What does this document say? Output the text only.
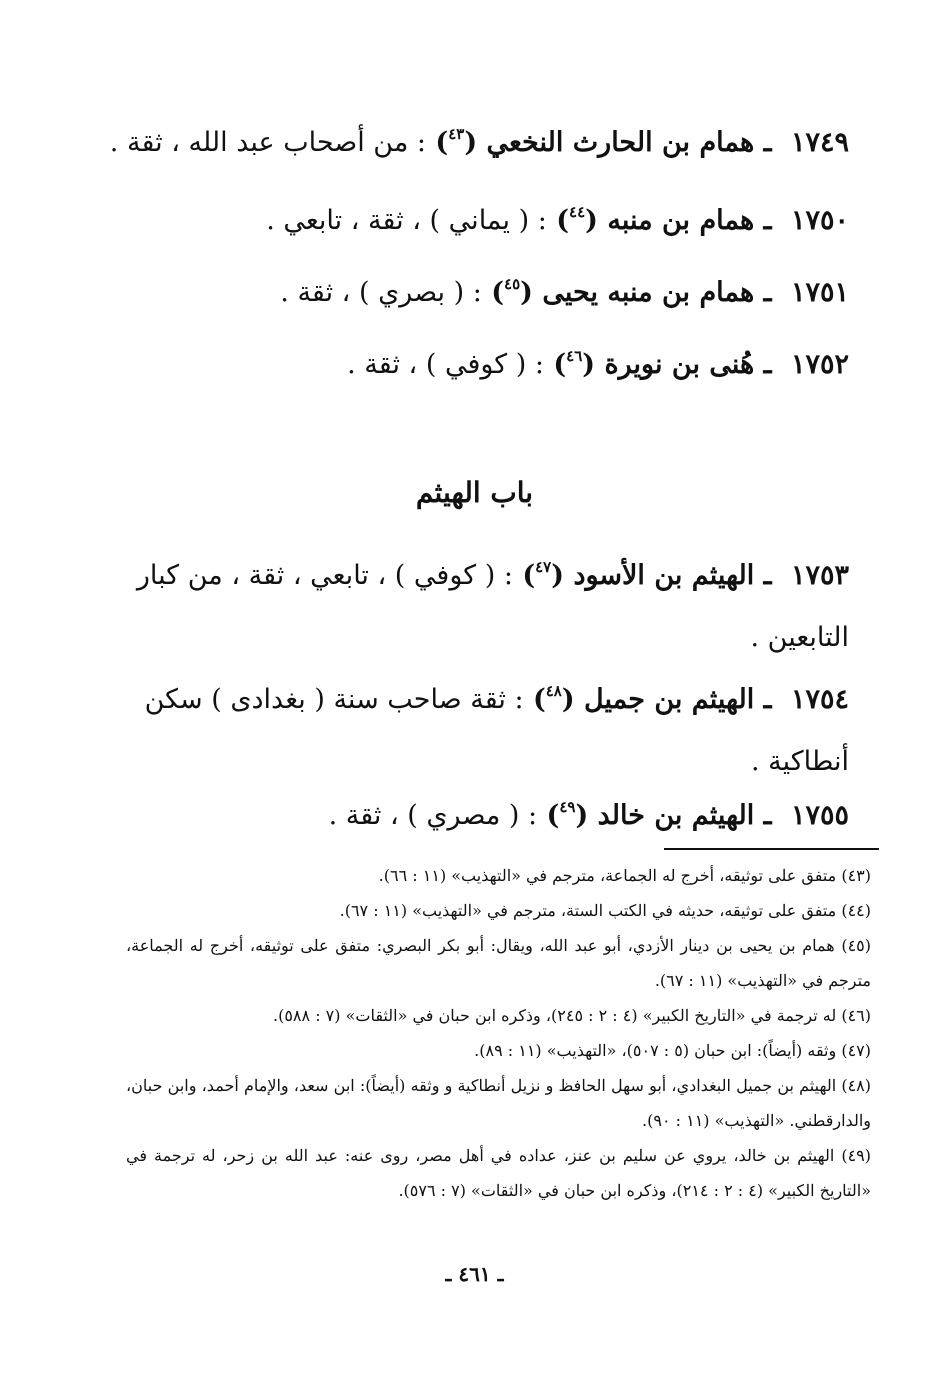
١٧٤٩ ـ همام بن الحارث النخعي ($^{٤٣}$) : من أصحاب عبد الله ، ثقة .
١٧٥٠ ـ همام بن منبه ($^{٤٤}$) : ( يماني ) ، ثقة ، تابعي .
١٧٥١ ـ همام بن منبه يحيى ($^{٤٥}$) : ( بصري ) ، ثقة .
١٧٥٢ ـ هُنى بن نويرة ($^{٤٦}$) : ( كوفي ) ، ثقة .
باب الهيثم
١٧٥٣ ـ الهيثم بن الأسود ($^{٤٧}$) : ( كوفي ) ، تابعي ، ثقة ، من كبار التابعين .
١٧٥٤ ـ الهيثم بن جميل ($^{٤٨}$) : ثقة صاحب سنة ( بغدادى ) سكن أنطاكية .
١٧٥٥ ـ الهيثم بن خالد ($^{٤٩}$) : ( مصري ) ، ثقة .

(٤٣) متفق على توثيقه، أخرج له الجماعة، مترجم في «التهذيب» (١١ : ٦٦).

(٤٤) متفق على توثيقه، حديثه في الكتب الستة، مترجم في «التهذيب» (١١ : ٦٧).

(٤٥) همام بن يحيى بن دينار الأزدي، أبو عبد الله، ويقال: أبو بكر البصري: متفق على توثيقه، أخرج له الجماعة، مترجم في «التهذيب» (١١ : ٦٧).

(٤٦) له ترجمة في «التاريخ الكبير» (٤ : ٢ : ٢٤٥)، وذكره ابن حبان في «الثقات» (٧ : ٥٨٨).

(٤٧) وثقه (أيضاً): ابن حبان (٥ : ٥٠٧)، «التهذيب» (١١ : ٨٩).

(٤٨) الهيثم بن جميل البغدادي، أبو سهل الحافظ و نزيل أنطاكية و وثقه (أيضاً): ابن سعد، والإمام أحمد، وابن حبان، والدارقطني. «التهذيب» (١١ : ٩٠).

(٤٩) الهيثم بن خالد، يروي عن سليم بن عنز، عداده في أهل مصر، روى عنه: عبد الله بن زحر، له ترجمة في «التاريخ الكبير» (٤ : ٢ : ٢١٤)، وذكره ابن حبان في «الثقات» (٧ : ٥٧٦).

ـ ٤٦١ ـ
